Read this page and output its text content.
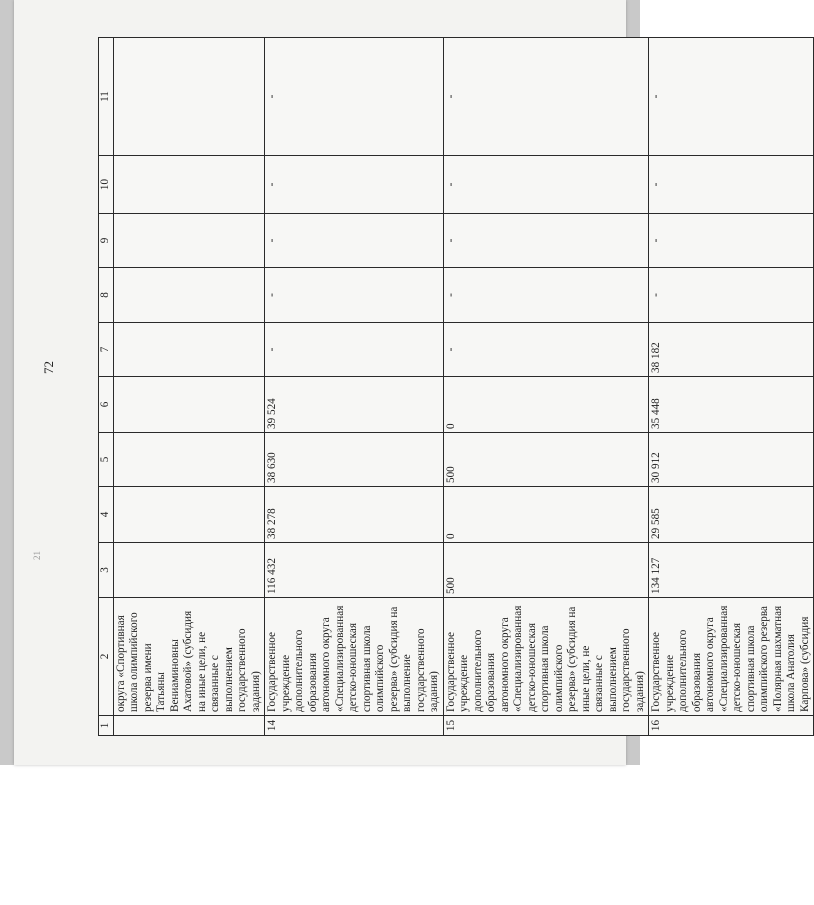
72
21
1	2	3	4	5	6	7	8	9	10	11
	округа «Спортивная школа олимпийского резерва имени Татьяны Вениаминовны Ахатовой» (субсидия на иные цели, не связанные с выполнением государственного задания)									
14	Государственное учреждение дополнительного образования автономного округа «Специализированная детско-юношеская спортивная школа олимпийского резерва» (субсидия на выполнение государственного задания)	116 432	38 278	38 630	39 524	-	-	-	-	-
15	Государственное учреждение дополнительного образования автономного округа «Специализированная детско-юношеская спортивная школа олимпийского резерва» (субсидия на иные цели, не связанные с выполнением государственного задания)	500	0	500	0	-	-	-	-	-
16	Государственное учреждение дополнительного образования автономного округа «Специализированная детско-юношеская спортивная школа олимпийского резерва «Полярная шахматная школа Анатолия Карпова» (субсидия	134 127	29 585	30 912	35 448	38 182	-	-	-	-
